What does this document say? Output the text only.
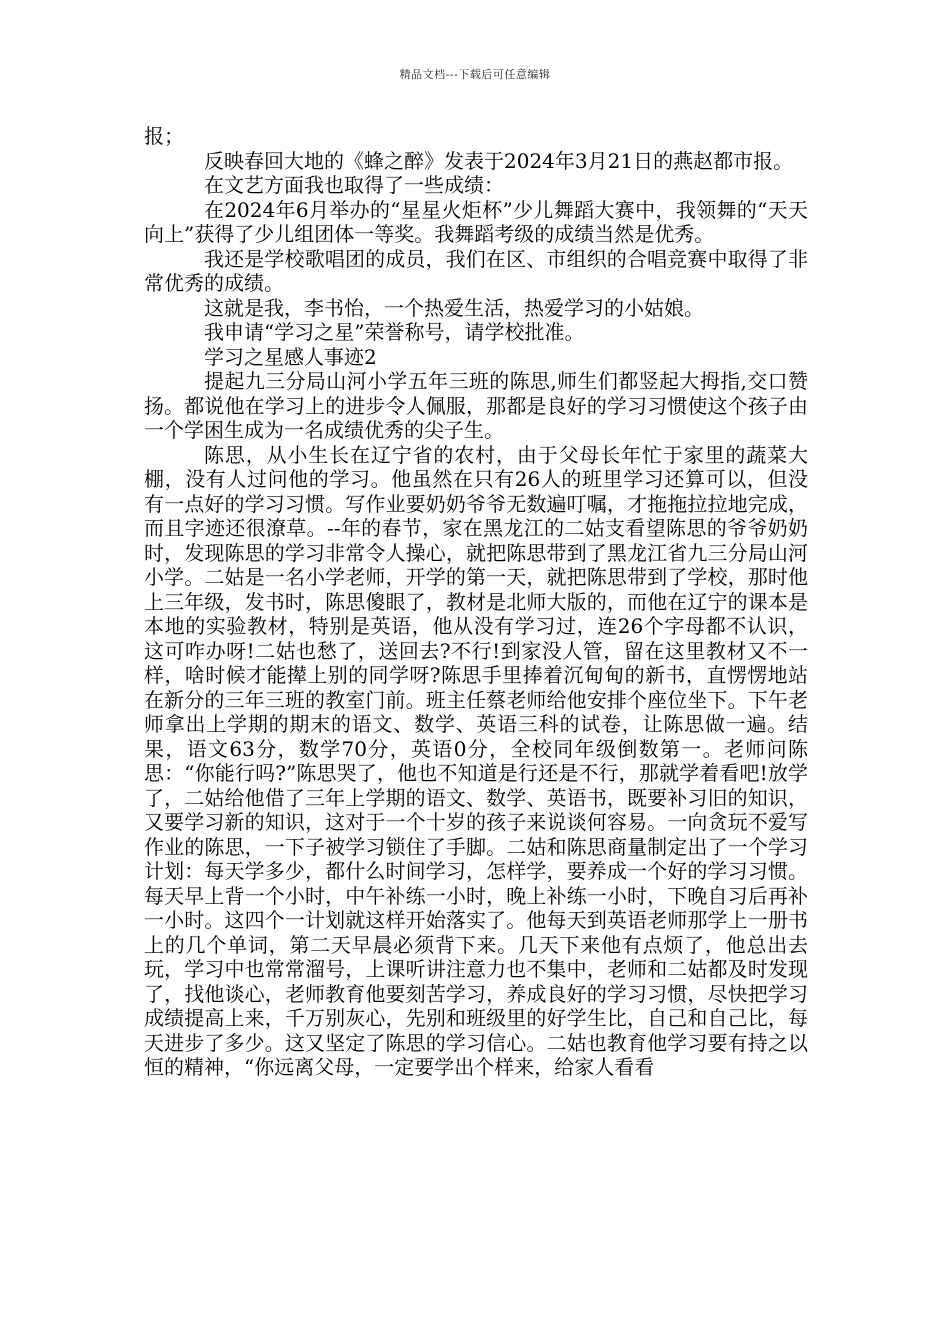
精品文档---下载后可任意编辑

报；

反映春回大地的《蜂之醉》发表于2024年3月21日的燕赵都市报。

在文艺方面我也取得了一些成绩：

在2024年6月举办的“星星火炬杯”少儿舞蹈大赛中，我领舞的“天天向上”获得了少儿组团体一等奖。我舞蹈考级的成绩当然是优秀。

我还是学校歌唱团的成员，我们在区、市组织的合唱竞赛中取得了非常优秀的成绩。

这就是我，李书怡，一个热爱生活，热爱学习的小姑娘。

我申请“学习之星”荣誉称号，请学校批准。

学习之星感人事迹2

提起九三分局山河小学五年三班的陈思,师生们都竖起大拇指,交口赞扬。都说他在学习上的进步令人佩服，那都是良好的学习习惯使这个孩子由一个学困生成为一名成绩优秀的尖子生。

陈思，从小生长在辽宁省的农村，由于父母长年忙于家里的蔬菜大棚，没有人过问他的学习。他虽然在只有26人的班里学习还算可以，但没有一点好的学习习惯。写作业要奶奶爷爷无数遍叮嘱，才拖拖拉拉地完成，而且字迹还很潦草。--年的春节，家在黑龙江的二姑支看望陈思的爷爷奶奶时，发现陈思的学习非常令人操心，就把陈思带到了黑龙江省九三分局山河小学。二姑是一名小学老师，开学的第一天，就把陈思带到了学校，那时他上三年级，发书时，陈思傻眼了，教材是北师大版的，而他在辽宁的课本是本地的实验教材，特别是英语，他从没有学习过，连26个字母都不认识，这可咋办呀!二姑也愁了，送回去?不行!到家没人管，留在这里教材又不一样，啥时候才能撵上别的同学呀?陈思手里捧着沉甸甸的新书，直愣愣地站在新分的三年三班的教室门前。班主任蔡老师给他安排个座位坐下。下午老师拿出上学期的期末的语文、数学、英语三科的试卷，让陈思做一遍。结果，语文63分，数学70分，英语0分，全校同年级倒数第一。老师问陈思：“你能行吗?”陈思哭了，他也不知道是行还是不行，那就学着看吧!放学了，二姑给他借了三年上学期的语文、数学、英语书，既要补习旧的知识，又要学习新的知识，这对于一个十岁的孩子来说谈何容易。一向贪玩不爱写作业的陈思，一下子被学习锁住了手脚。二姑和陈思商量制定出了一个学习计划：每天学多少，都什么时间学习，怎样学，要养成一个好的学习习惯。每天早上背一个小时，中午补练一小时，晚上补练一小时，下晚自习后再补一小时。这四个一计划就这样开始落实了。他每天到英语老师那学上一册书上的几个单词，第二天早晨必须背下来。几天下来他有点烦了，他总出去玩，学习中也常常溜号，上课听讲注意力也不集中，老师和二姑都及时发现了，找他谈心，老师教育他要刻苦学习，养成良好的学习习惯，尽快把学习成绩提高上来，千万别灰心，先别和班级里的好学生比，自己和自己比，每天进步了多少。这又坚定了陈思的学习信心。二姑也教育他学习要有持之以恒的精神，“你远离父母，一定要学出个样来，给家人看看
